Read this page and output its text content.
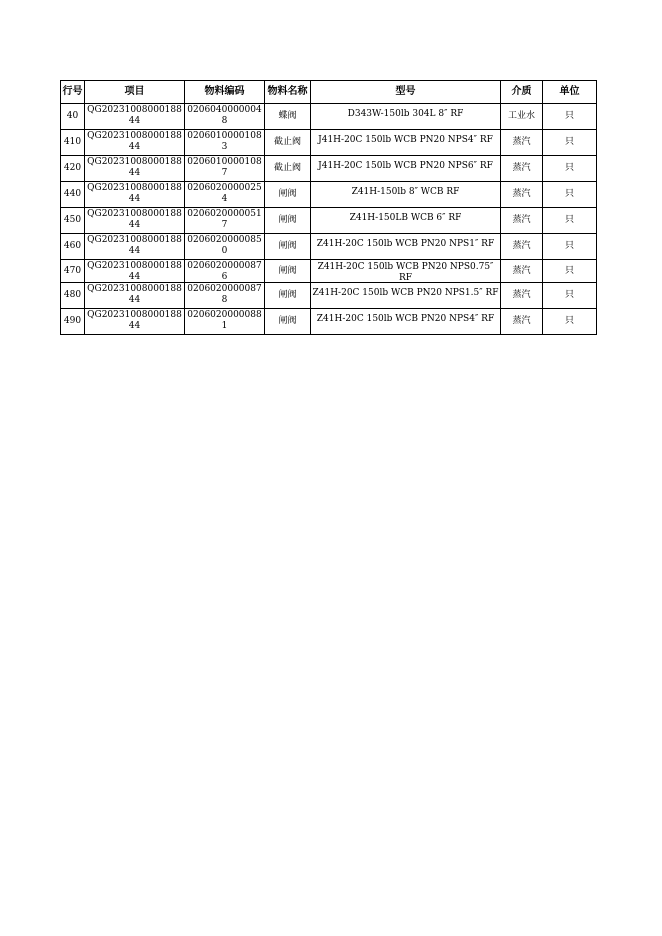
行号	项目	物料编码	物料名称	型号	介质	单位
40	QG2023100800018844	02060400000048	蝶阀	D343W-150lb 304L 8″ RF	工业水	只
410	QG2023100800018844	02060100001083	截止阀	J41H-20C 150lb WCB PN20 NPS4″ RF	蒸汽	只
420	QG2023100800018844	02060100001087	截止阀	J41H-20C 150lb WCB PN20 NPS6″ RF	蒸汽	只
440	QG2023100800018844	02060200000254	闸阀	Z41H-150lb 8″ WCB RF	蒸汽	只
450	QG2023100800018844	02060200000517	闸阀	Z41H-150LB WCB 6″ RF	蒸汽	只
460	QG2023100800018844	02060200000850	闸阀	Z41H-20C 150lb WCB PN20 NPS1″ RF	蒸汽	只
470	QG2023100800018844	02060200000876	闸阀	Z41H-20C 150lb WCB PN20 NPS0.75″ RF	蒸汽	只
480	QG2023100800018844	02060200000878	闸阀	Z41H-20C 150lb WCB PN20 NPS1.5″ RF	蒸汽	只
490	QG2023100800018844	02060200000881	闸阀	Z41H-20C 150lb WCB PN20 NPS4″ RF	蒸汽	只
